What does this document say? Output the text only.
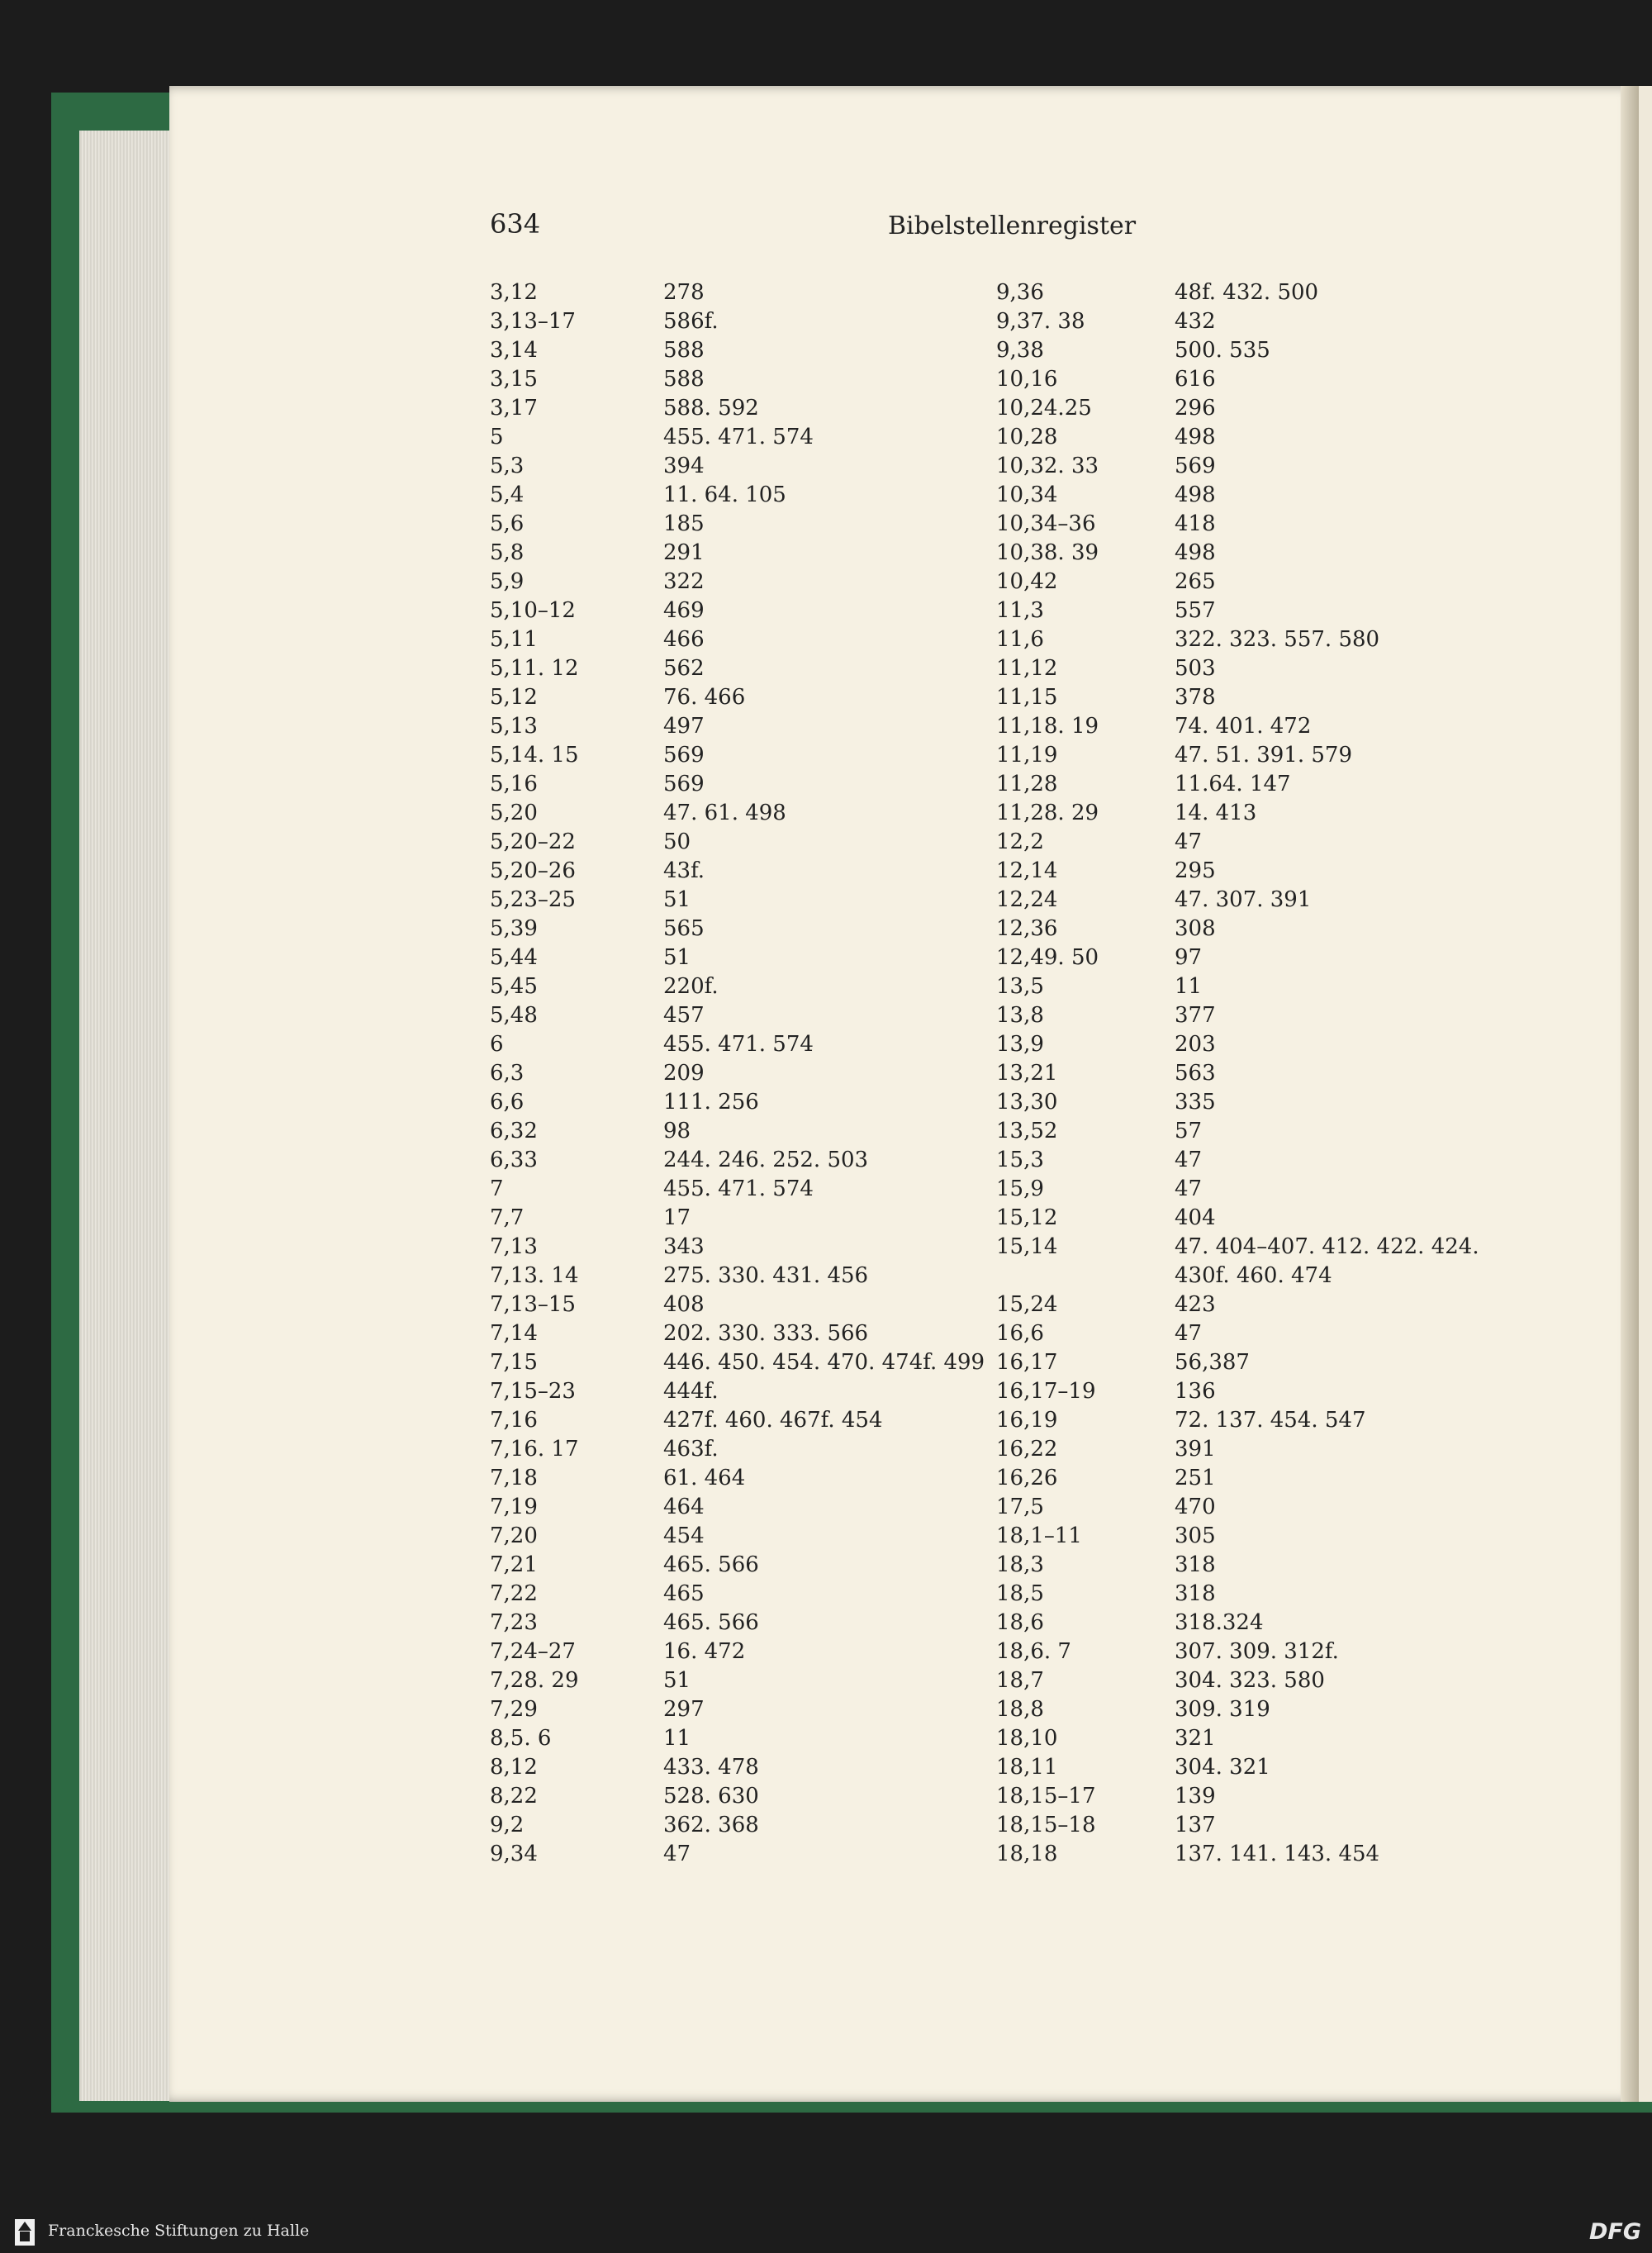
634	Bibelstellenregister
3,12
3,13–17
3,14
3,15
3,17
5
5,3
5,4
5,6
5,8
5,9
5,10–12
5,11
5,11. 12
5,12
5,13
5,14. 15
5,16
5,20
5,20–22
5,20–26
5,23–25
5,39
5,44
5,45
5,48
6
6,3
6,6
6,32
6,33
7
7,7
7,13
7,13. 14
7,13–15
7,14
7,15
7,15–23
7,16
7,16. 17
7,18
7,19
7,20
7,21
7,22
7,23
7,24–27
7,28. 29
7,29
8,5. 6
8,12
8,22
9,2
9,34
278
586f.
588
588
588. 592
455. 471. 574
394
11. 64. 105
185
291
322
469
466
562
76. 466
497
569
569
47. 61. 498
50
43f.
51
565
51
220f.
457
455. 471. 574
209
111. 256
98
244. 246. 252. 503
455. 471. 574
17
343
275. 330. 431. 456
408
202. 330. 333. 566
446. 450. 454. 470. 474f. 499
444f.
427f. 460. 467f. 454
463f.
61. 464
464
454
465. 566
465
465. 566
16. 472
51
297
11
433. 478
528. 630
362. 368
47
9,36
9,37. 38
9,38
10,16
10,24.25
10,28
10,32. 33
10,34
10,34–36
10,38. 39
10,42
11,3
11,6
11,12
11,15
11,18. 19
11,19
11,28
11,28. 29
12,2
12,14
12,24
12,36
12,49. 50
13,5
13,8
13,9
13,21
13,30
13,52
15,3
15,9
15,12
15,14
15,24
16,6
16,17
16,17–19
16,19
16,22
16,26
17,5
18,1–11
18,3
18,5
18,6
18,6. 7
18,7
18,8
18,10
18,11
18,15–17
18,15–18
18,18
48f. 432. 500
432
500. 535
616
296
498
569
498
418
498
265
557
322. 323. 557. 580
503
378
74. 401. 472
47. 51. 391. 579
11.64. 147
14. 413
47
295
47. 307. 391
308
97
11
377
203
563
335
57
47
47
404
47. 404–407. 412. 422. 424.
430f. 460. 474
423
47
56,387
136
72. 137. 454. 547
391
251
470
305
318
318
318.324
307. 309. 312f.
304. 323. 580
309. 319
321
304. 321
139
137
137. 141. 143. 454
Franckesche Stiftungen zu Halle	DFG
